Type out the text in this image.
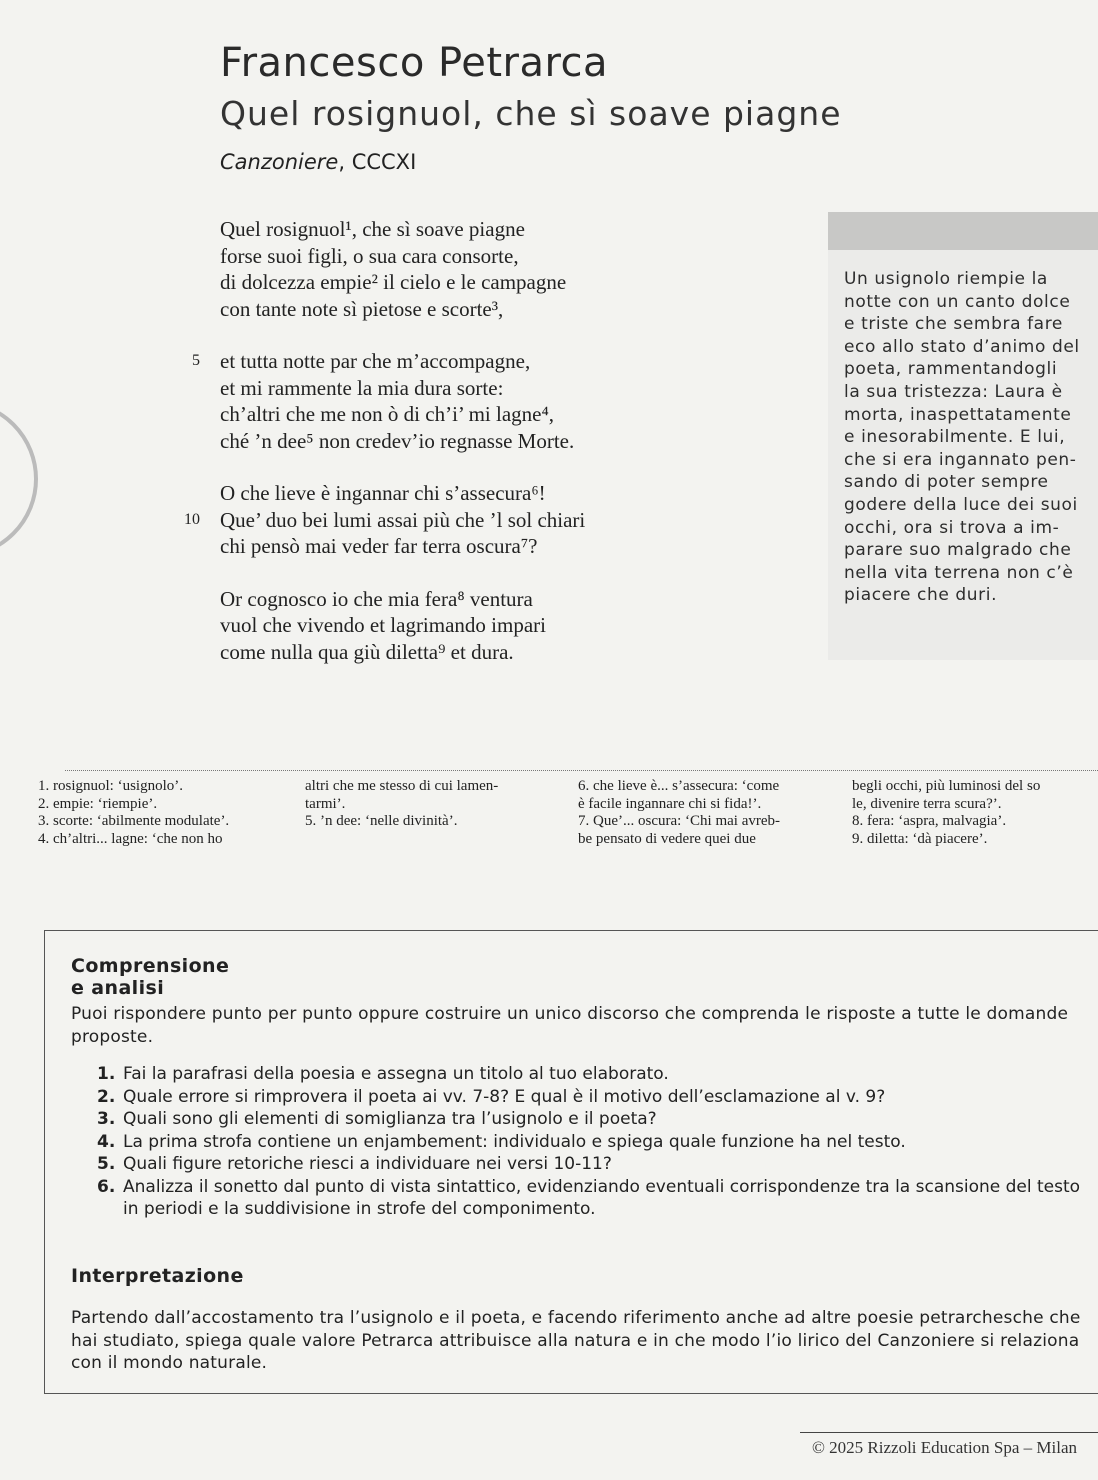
Francesco Petrarca
Quel rosignuol, che sì soave piagne
Canzoniere, CCCXI
Quel rosignuol¹, che sì soave piagne
forse suoi figli, o sua cara consorte,
di dolcezza empie² il cielo e le campagne
con tante note sì pietose e scorte³,
5 et tutta notte par che m’accompagne,
et mi rammente la mia dura sorte:
ch’altri che me non ò di ch’i’ mi lagne⁴,
ché ’n dee⁵ non credev’io regnasse Morte.
O che lieve è ingannar chi s’assecura⁶!
10 Que’ duo bei lumi assai più che ’l sol chiari
chi pensò mai veder far terra oscura⁷?
Or cognosco io che mia fera⁸ ventura
vuol che vivendo et lagrimando impari
come nulla qua giù diletta⁹ et dura.
Un usignolo riempie la
notte con un canto dolce
e triste che sembra fare
eco allo stato d’animo del
poeta, rammentandogli
la sua tristezza: Laura è
morta, inaspettatamente
e inesorabilmente. E lui,
che si era ingannato pen-
sando di poter sempre
godere della luce dei suoi
occhi, ora si trova a im-
parare suo malgrado che
nella vita terrena non c’è
piacere che duri.
1. rosignuol: ‘usignolo’.
2. empie: ‘riempie’.
3. scorte: ‘abilmente modulate’.
4. ch’altri... lagne: ‘che non ho
altri che me stesso di cui lamen-
tarmi’.
5. ’n dee: ‘nelle divinità’.
6. che lieve è... s’assecura: ‘come
è facile ingannare chi si fida!’.
7. Que’... oscura: ‘Chi mai avreb-
be pensato di vedere quei due
begli occhi, più luminosi del so
le, divenire terra scura?’.
8. fera: ‘aspra, malvagia’.
9. diletta: ‘dà piacere’.
Comprensione e analisi
Puoi rispondere punto per punto oppure costruire un unico discorso che comprenda le risposte a tutte le domande proposte.
1. Fai la parafrasi della poesia e assegna un titolo al tuo elaborato.
2. Quale errore si rimprovera il poeta ai vv. 7-8? E qual è il motivo dell’esclamazione al v. 9?
3. Quali sono gli elementi di somiglianza tra l’usignolo e il poeta?
4. La prima strofa contiene un enjambement: individualo e spiega quale funzione ha nel testo.
5. Quali figure retoriche riesci a individuare nei versi 10-11?
6. Analizza il sonetto dal punto di vista sintattico, evidenziando eventuali corrispondenze tra la scansione del testo in periodi e la suddivisione in strofe del componimento.
Interpretazione
Partendo dall’accostamento tra l’usignolo e il poeta, e facendo riferimento anche ad altre poesie petrarchesche che hai studiato, spiega quale valore Petrarca attribuisce alla natura e in che modo l’io lirico del Canzoniere si relaziona con il mondo naturale.
© 2025 Rizzoli Education Spa – Milan
